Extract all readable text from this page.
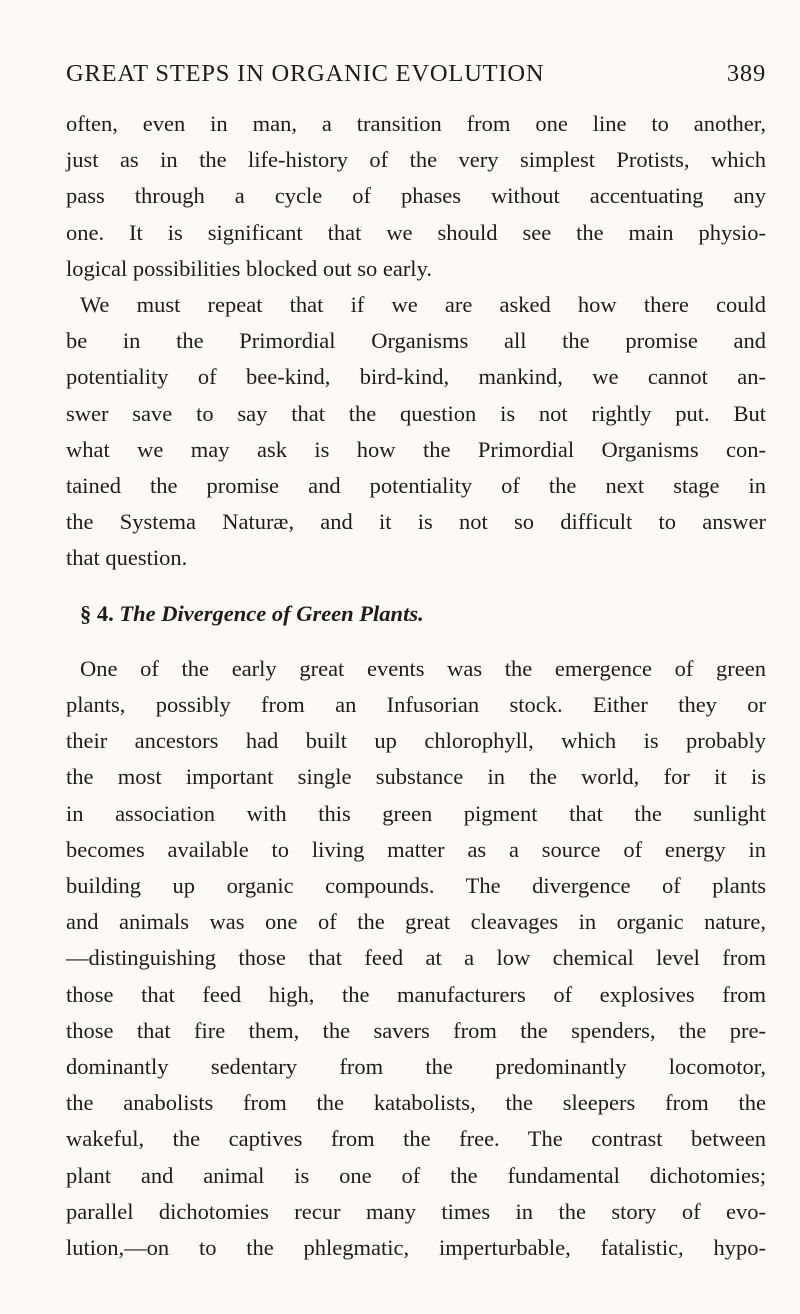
GREAT STEPS IN ORGANIC EVOLUTION	389

often, even in man, a transition from one line to another,
just as in the life-history of the very simplest Protists, which
pass through a cycle of phases without accentuating any
one. It is significant that we should see the main physio-
logical possibilities blocked out so early.

We must repeat that if we are asked how there could
be in the Primordial Organisms all the promise and
potentiality of bee-kind, bird-kind, mankind, we cannot an-
swer save to say that the question is not rightly put. But
what we may ask is how the Primordial Organisms con-
tained the promise and potentiality of the next stage in
the Systema Naturæ, and it is not so difficult to answer
that question.

§ 4. The Divergence of Green Plants.

One of the early great events was the emergence of green
plants, possibly from an Infusorian stock. Either they or
their ancestors had built up chlorophyll, which is probably
the most important single substance in the world, for it is
in association with this green pigment that the sunlight
becomes available to living matter as a source of energy in
building up organic compounds. The divergence of plants
and animals was one of the great cleavages in organic nature,
—distinguishing those that feed at a low chemical level from
those that feed high, the manufacturers of explosives from
those that fire them, the savers from the spenders, the pre-
dominantly sedentary from the predominantly locomotor,
the anabolists from the katabolists, the sleepers from the
wakeful, the captives from the free. The contrast between
plant and animal is one of the fundamental dichotomies;
parallel dichotomies recur many times in the story of evo-
lution,—on to the phlegmatic, imperturbable, fatalistic, hypo-
